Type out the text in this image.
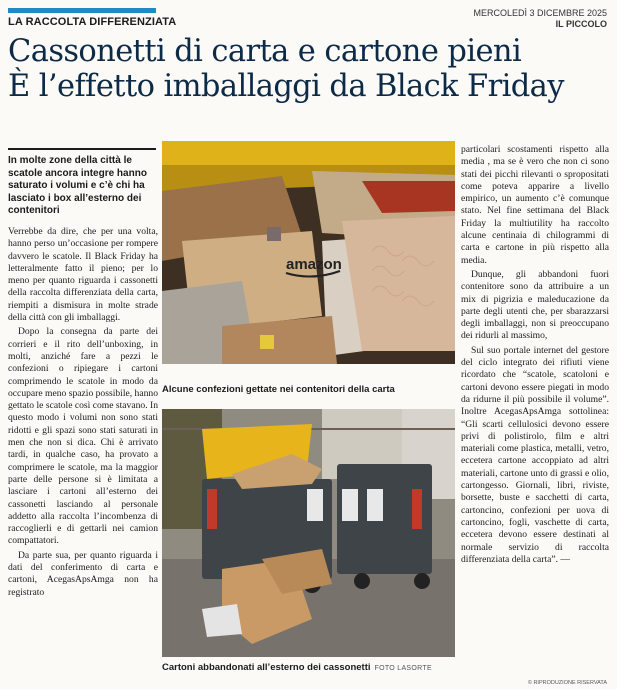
LA RACCOLTA DIFFERENZIATA
MERCOLEDÌ 3 DICEMBRE 2025
IL PICCOLO
Cassonetti di carta e cartone pieni
È l’effetto imballaggi da Black Friday
In molte zone della città le scatole ancora integre hanno saturato i volumi e c’è chi ha lasciato i box all’esterno dei contenitori

Verrebbe da dire, che per una volta, hanno perso un’occasione per rompere davvero le scatole. Il Black Friday ha letteralmente fatto il pieno; per lo meno per quanto riguarda i cassonetti della raccolta differenziata della carta, riempiti a dismisura in molte strade della città con gli imballaggi.

Dopo la consegna da parte dei corrieri e il rito dell’unboxing, in molti, anziché fare a pezzi le confezioni o ripiegare i cartoni comprimendo le scatole in modo da occupare meno spazio possibile, hanno gettato le scatole così come stavano. In questo modo i volumi non sono stati ridotti e gli spazi sono stati saturati in men che non si dica. Chi è arrivato tardi, in qualche caso, ha provato a comprimere le scatole, ma la maggior parte delle persone si è limitata a lasciare i cartoni all’esterno dei cassonetti lasciando al personale addetto alla raccolta l’incombenza di raccoglierli e di gettarli nei camion compattatori.

Da parte sua, per quanto riguarda i dati del conferimento di carta e cartoni, AcegasApsAmga non ha registrato

amazon
Alcune confezioni gettate nei contenitori della carta
Cartoni abbandonati all’esterno dei cassonetti FOTO LASORTE

particolari scostamenti rispetto alla media , ma se è vero che non ci sono stati dei picchi rilevanti o spropositati come poteva apparire a livello empirico, un aumento c’è comunque stato. Nel fine settimana del Black Friday la multiutility ha raccolto alcune centinaia di chilogrammi di carta e cartone in più rispetto alla media.

Dunque, gli abbandoni fuori contenitore sono da attribuire a un mix di pigrizia e maleducazione da parte degli utenti che, per sbarazzarsi degli imballaggi, non si preoccupano dei ridurli al massimo,

Sul suo portale internet del gestore del ciclo integrato dei rifiuti viene ricordato che “scatole, scatoloni e cartoni devono essere piegati in modo da ridurne il più possibile il volume”. Inoltre AcegasApsAmga sottolinea: “Gli scarti cellulosici devono essere privi di polistirolo, film e altri materiali come plastica, metalli, vetro, eccetera cartone accoppiato ad altri materiali, cartone unto di grassi e olio, cartongesso. Giornali, libri, riviste, borsette, buste e sacchetti di carta, cartoncino, confezioni per uova di cartoncino, fogli, vaschette di carta, eccetera devono essere destinati al normale servizio di raccolta differenziata della carta”. —

© RIPRODUZIONE RISERVATA
